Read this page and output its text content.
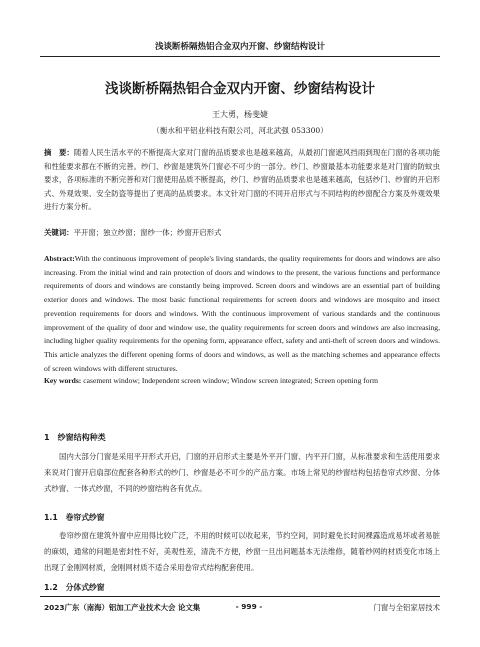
浅谈断桥隔热铝合金双内开窗、纱窗结构设计
浅谈断桥隔热铝合金双内开窗、纱窗结构设计
王大勇，杨斐婕
（衡水和平铝业科技有限公司，河北武强 053300）
摘　要：随着人民生活水平的不断提高大家对门窗的品质要求也是越来越高，从最初门窗遮风挡雨到现在门窗的各项功能和性能要求都在不断的完善。纱门、纱窗是建筑外门窗必不可少的一部分。纱门、纱窗最基本功能要求是对门窗的防蚊虫要求，各项标准的不断完善和对门窗使用品质不断提高，纱门、纱窗的品质要求也是越来越高，包括纱门、纱窗的开启形式、外观效果、安全防盗等提出了更高的品质要求。本文针对门窗的不同开启形式与不同结构的纱窗配合方案及外观效果进行方案分析。
关键词：平开窗；独立纱窗；窗纱一体；纱窗开启形式
Abstract:With the continuous improvement of people's living standards, the quality requirements for doors and windows are also increasing. From the initial wind and rain protection of doors and windows to the present, the various functions and performance requirements of doors and windows are constantly being improved. Screen doors and windows are an essential part of building exterior doors and windows. The most basic functional requirements for screen doors and windows are mosquito and insect prevention requirements for doors and windows. With the continuous improvement of various standards and the continuous improvement of the quality of door and window use, the quality requirements for screen doors and windows are also increasing, including higher quality requirements for the opening form, appearance effect, safety and anti-theft of screen doors and windows. This article analyzes the different opening forms of doors and windows, as well as the matching schemes and appearance effects of screen windows with different structures.
Key words: casement window; Independent screen window; Window screen integrated; Screen opening form
1　纱窗结构种类
国内大部分门窗是采用平开形式开启，门窗的开启形式主要是外平开门窗、内平开门窗，从标准要求和生活使用要求来说对门窗开启扇部位配套各种形式的纱门、纱窗是必不可少的产品方案。市场上常见的纱窗结构包括卷帘式纱窗、分体式纱窗、一体式纱窗，不同的纱窗结构各有优点。
1.1　卷帘式纱窗
卷帘纱窗在建筑外窗中应用得比较广泛，不用的时候可以收起来，节约空间，同时避免长时间裸露造成易坏或者易脏的麻烦，通常的问题是密封性不好，美观性差，清洗不方便，纱窗一旦出问题基本无法维修，随着纱网的材质变化市场上出现了金刚网材质，金刚网材质不适合采用卷帘式结构配套使用。
1.2　分体式纱窗
2023广东（南海）铝加工产业技术大会 论文集	- 999 -	门窗与全铝家居技术
